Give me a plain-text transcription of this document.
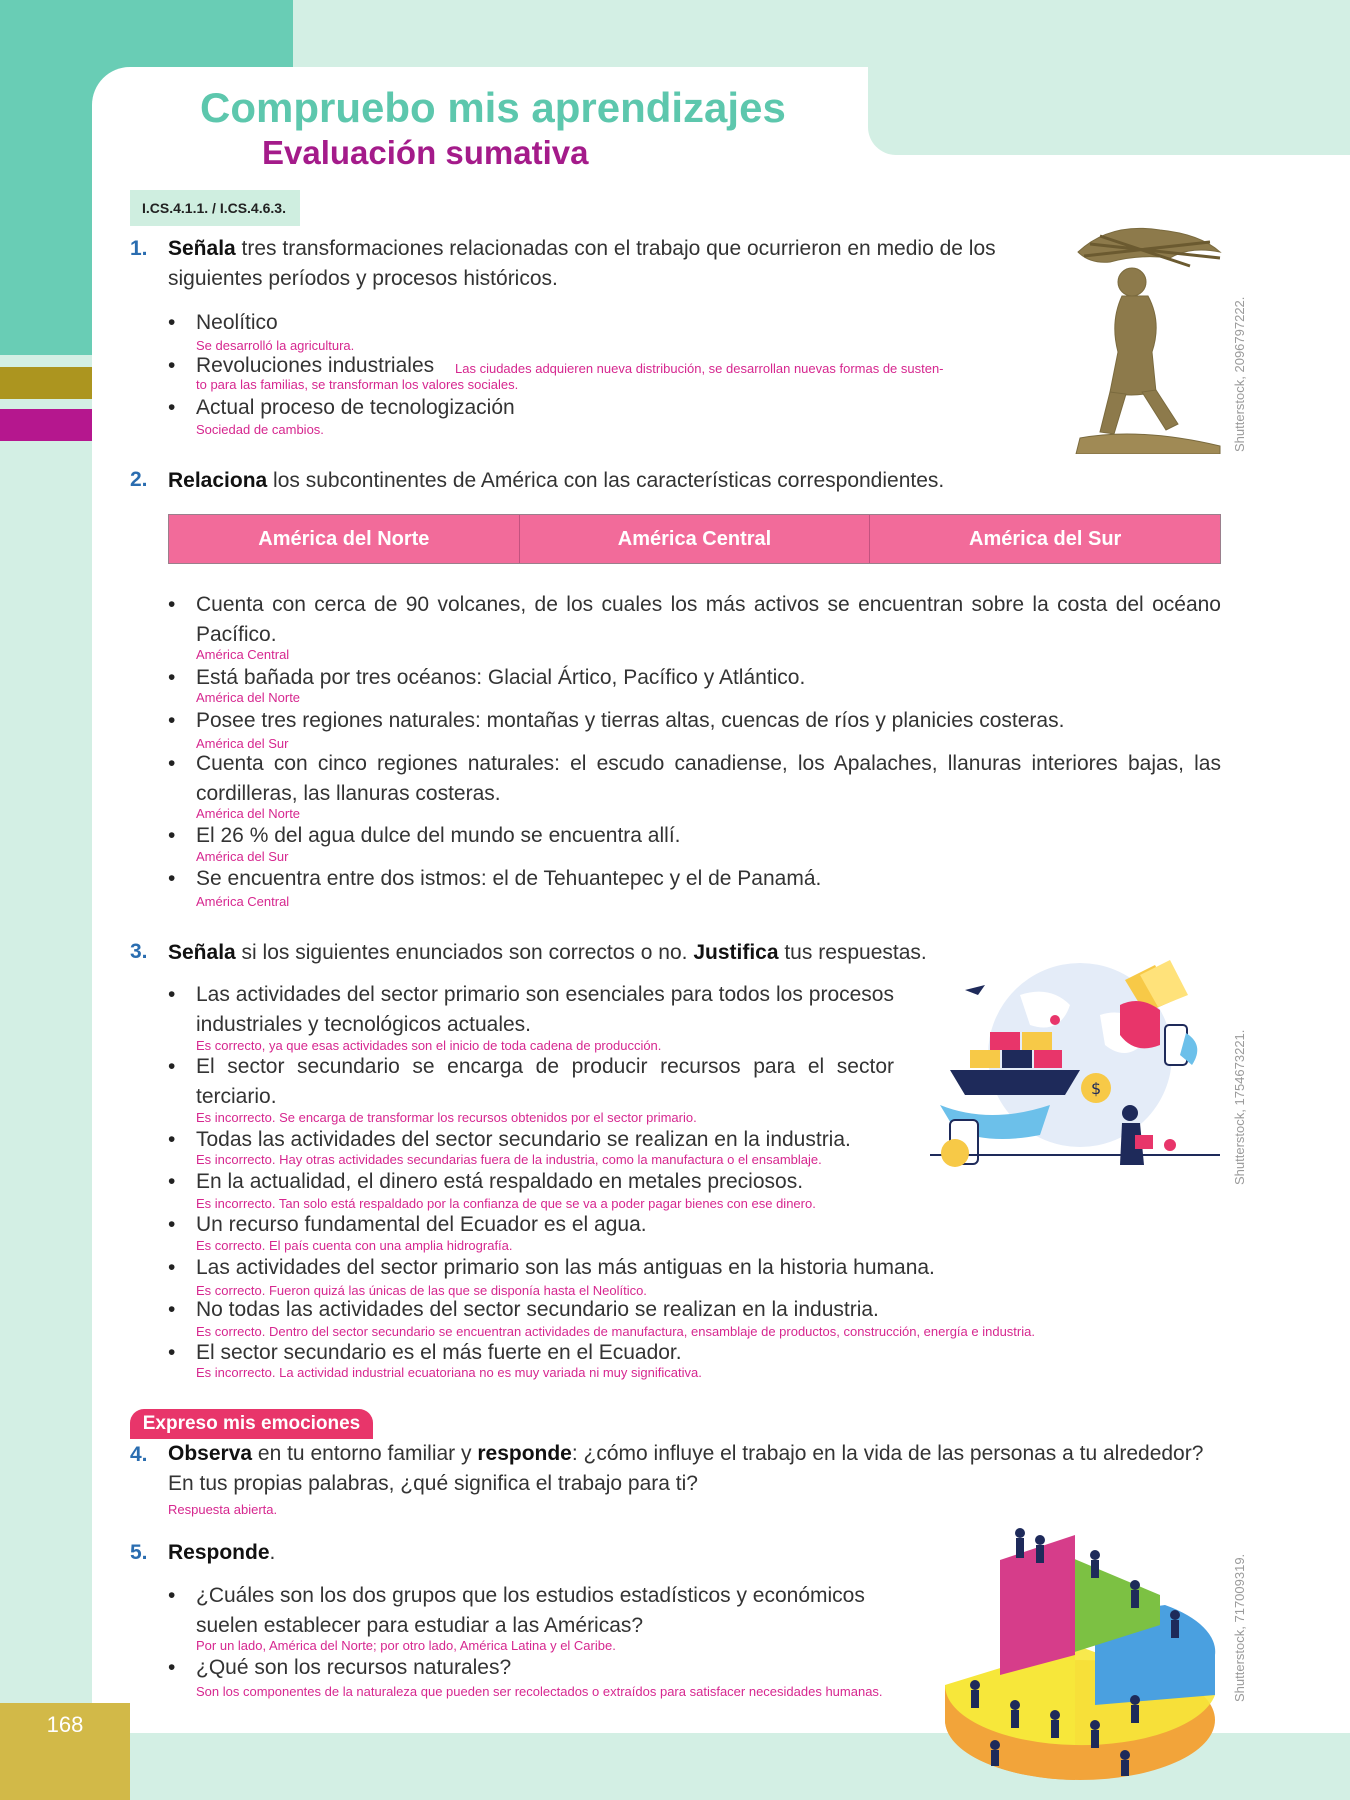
168
Compruebo mis aprendizajes
Evaluación sumativa
I.CS.4.1.1. / I.CS.4.6.3.
1. Señala tres transformaciones relacionadas con el trabajo que ocurrieron en medio de los siguientes períodos y procesos históricos.
• Neolítico
Se desarrolló la agricultura.
• Revoluciones industriales Las ciudades adquieren nueva distribución, se desarrollan nuevas formas de susten-
to para las familias, se transforman los valores sociales.
• Actual proceso de tecnologización
Sociedad de cambios.	Shutterstock, 2096797222.
2. Relaciona los subcontinentes de América con las características correspondientes.
América del Norte	América Central	América del Sur
• Cuenta con cerca de 90 volcanes, de los cuales los más activos se encuentran sobre la costa del océano Pacífico.
América Central
• Está bañada por tres océanos: Glacial Ártico, Pacífico y Atlántico.
América del Norte
• Posee tres regiones naturales: montañas y tierras altas, cuencas de ríos y planicies costeras.
América del Sur
• Cuenta con cinco regiones naturales: el escudo canadiense, los Apalaches, llanuras interiores bajas, las cordilleras, las llanuras costeras.
América del Norte
• El 26 % del agua dulce del mundo se encuentra allí.
América del Sur
• Se encuentra entre dos istmos: el de Tehuantepec y el de Panamá.
América Central
3. Señala si los siguientes enunciados son correctos o no. Justifica tus respuestas.
• Las actividades del sector primario son esenciales para todos los procesos industriales y tecnológicos actuales.
Es correcto, ya que esas actividades son el inicio de toda cadena de producción.
• El sector secundario se encarga de producir recursos para el sector terciario.
Es incorrecto. Se encarga de transformar los recursos obtenidos por el sector primario.
• Todas las actividades del sector secundario se realizan en la industria.
Es incorrecto. Hay otras actividades secundarias fuera de la industria, como la manufactura o el ensamblaje.
• En la actualidad, el dinero está respaldado en metales preciosos.
Es incorrecto. Tan solo está respaldado por la confianza de que se va a poder pagar bienes con ese dinero.
• Un recurso fundamental del Ecuador es el agua.
Es correcto. El país cuenta con una amplia hidrografía.
• Las actividades del sector primario son las más antiguas en la historia humana.
Es correcto. Fueron quizá las únicas de las que se disponía hasta el Neolítico.
• No todas las actividades del sector secundario se realizan en la industria.
Es correcto. Dentro del sector secundario se encuentran actividades de manufactura, ensamblaje de productos, construcción, energía e industria.
• El sector secundario es el más fuerte en el Ecuador.
Es incorrecto. La actividad industrial ecuatoriana no es muy variada ni muy significativa.
$	Shutterstock, 1754673221.
Expreso mis emociones
4. Observa en tu entorno familiar y responde: ¿cómo influye el trabajo en la vida de las personas a tu alrededor? En tus propias palabras, ¿qué significa el trabajo para ti?
Respuesta abierta.
5. Responde.
• ¿Cuáles son los dos grupos que los estudios estadísticos y económicos suelen establecer para estudiar a las Américas?
Por un lado, América del Norte; por otro lado, América Latina y el Caribe.
• ¿Qué son los recursos naturales?
Son los componentes de la naturaleza que pueden ser recolectados o extraídos para satisfacer necesidades humanas.	Shutterstock, 717009319.
